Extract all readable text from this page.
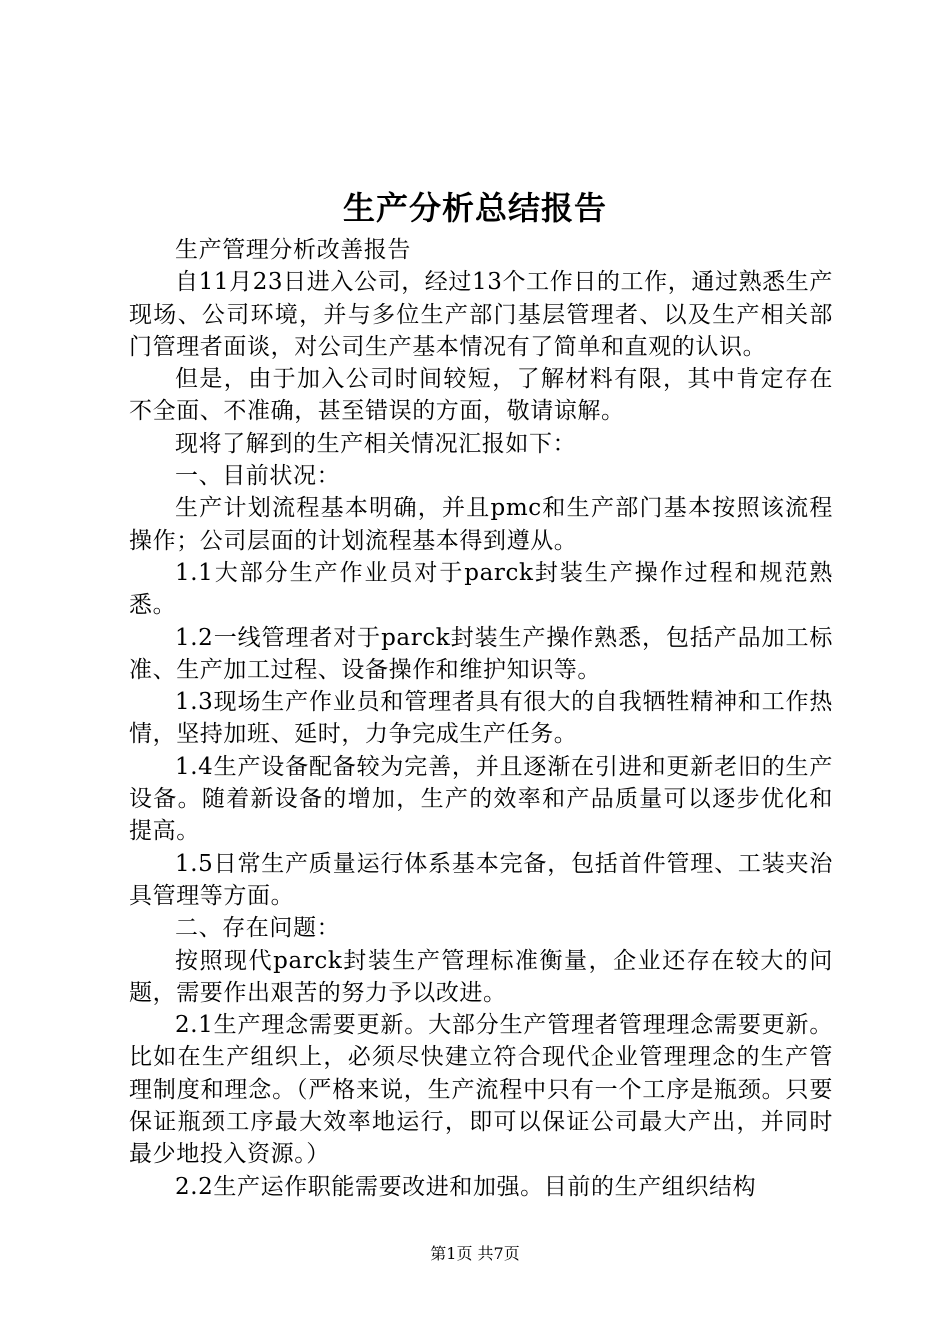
生产分析总结报告

生产管理分析改善报告

自11月23日进入公司，经过13个工作日的工作，通过熟悉生产现场、公司环境，并与多位生产部门基层管理者、以及生产相关部门管理者面谈，对公司生产基本情况有了简单和直观的认识。

但是，由于加入公司时间较短，了解材料有限，其中肯定存在不全面、不准确，甚至错误的方面，敬请谅解。

现将了解到的生产相关情况汇报如下：

一、目前状况：

生产计划流程基本明确，并且pmc和生产部门基本按照该流程操作；公司层面的计划流程基本得到遵从。

1.1大部分生产作业员对于parck封装生产操作过程和规范熟悉。

1.2一线管理者对于parck封装生产操作熟悉，包括产品加工标准、生产加工过程、设备操作和维护知识等。

1.3现场生产作业员和管理者具有很大的自我牺牲精神和工作热情，坚持加班、延时，力争完成生产任务。

1.4生产设备配备较为完善，并且逐渐在引进和更新老旧的生产设备。随着新设备的增加，生产的效率和产品质量可以逐步优化和提高。

1.5日常生产质量运行体系基本完备，包括首件管理、工装夹治具管理等方面。

二、存在问题：

按照现代parck封装生产管理标准衡量，企业还存在较大的问题，需要作出艰苦的努力予以改进。

2.1生产理念需要更新。大部分生产管理者管理理念需要更新。比如在生产组织上，必须尽快建立符合现代企业管理理念的生产管理制度和理念。（严格来说，生产流程中只有一个工序是瓶颈。只要保证瓶颈工序最大效率地运行，即可以保证公司最大产出，并同时最少地投入资源。）

2.2生产运作职能需要改进和加强。目前的生产组织结构

第1页 共7页
